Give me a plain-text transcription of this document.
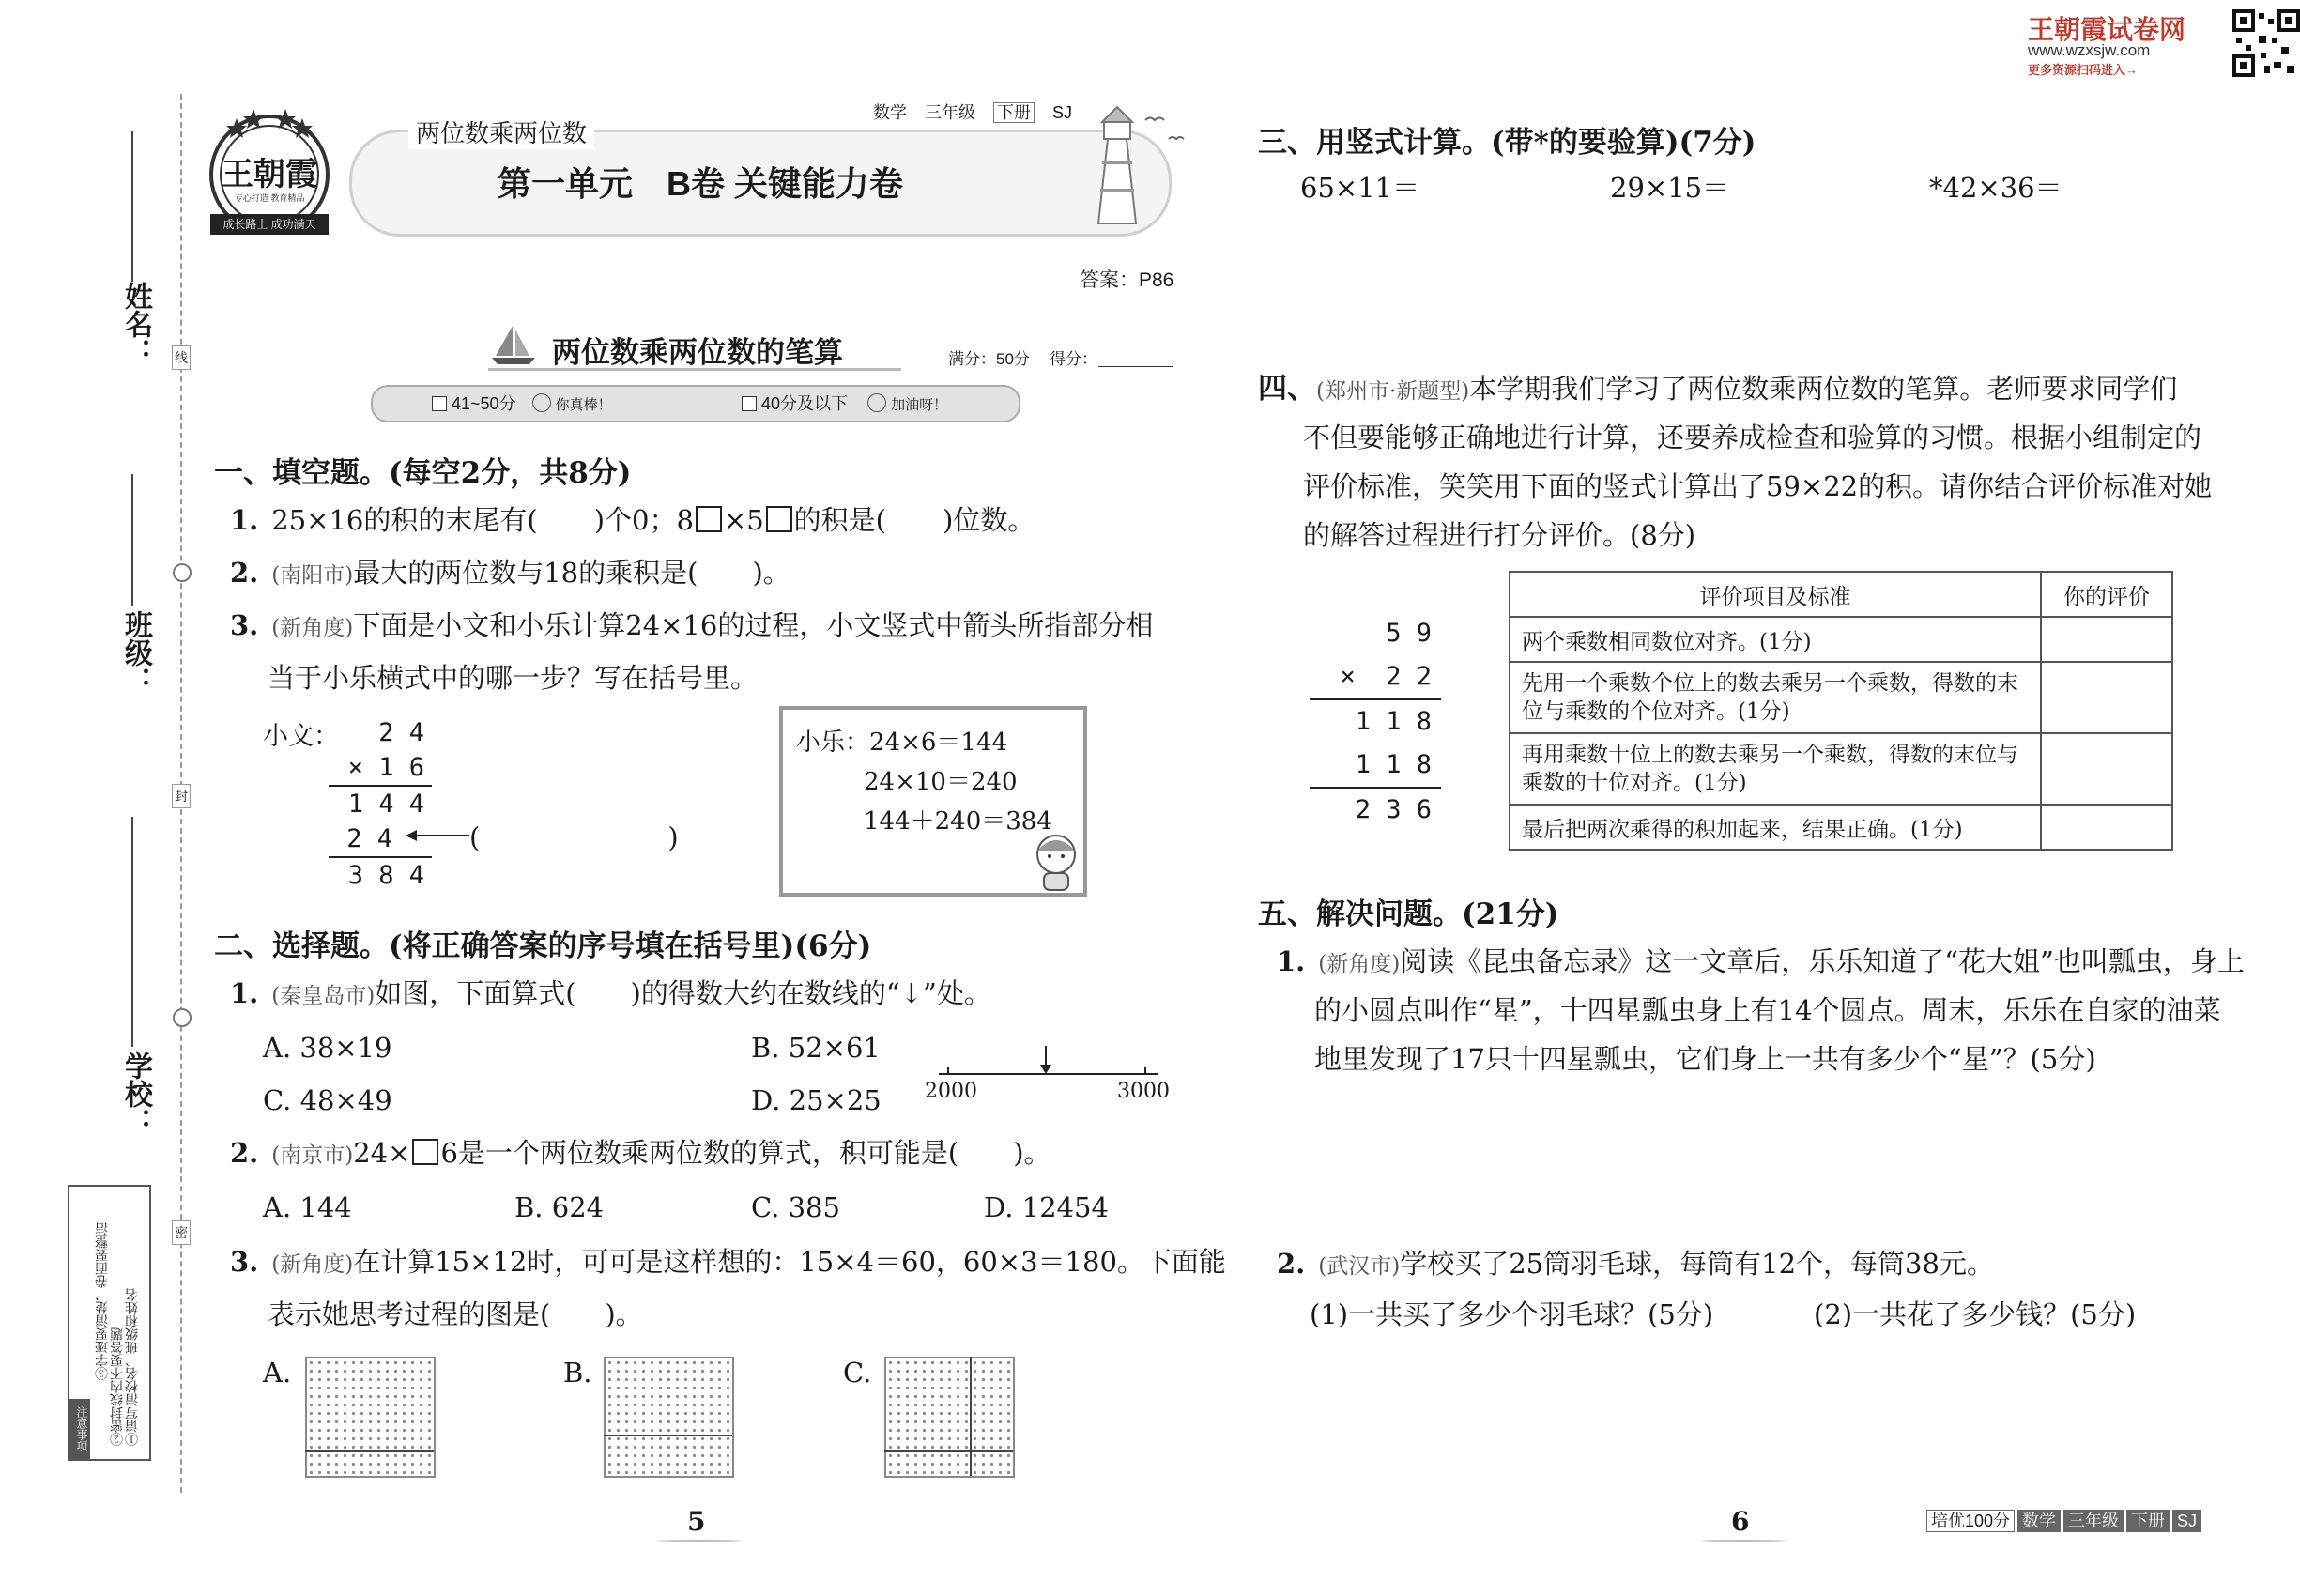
姓名：
班级：
学校：
线
封
密
注意事项	①请写清校名、班级和姓名
②密封线内不要答题
③字迹要清楚，卷面要整洁
王朝霞
专心打造 教育精品
成长路上 成功满天
两位数乘两位数
数学 三年级 下册 SJ
第一单元　B卷 关键能力卷
答案：P86
两位数乘两位数的笔算	满分：50分 得分：
41~50分	你真棒！	40分及以下	加油呀！
一、填空题。(每空2分，共8分)
1. 25×16的积的末尾有( )个0；8 ×5 的积是( )位数。
2. (南阳市)最大的两位数与18的乘积是(　　)。
3. (新角度)下面是小文和小乐计算24×16的过程，小文竖式中箭头所指部分相
当于小乐横式中的哪一步？写在括号里。
小文：	2 4
× 1 6
1 4 4
2 4
3 8 4
(	)
小乐：24×6＝144
24×10＝240
144＋240＝384
二、选择题。(将正确答案的序号填在括号里)(6分)
1. (秦皇岛市)如图，下面算式(　　)的得数大约在数线的“↓”处。
A. 38×19	B. 52×61
C. 48×49	D. 25×25 2000	3000
2. (南京市)24× 6是一个两位数乘两位数的算式，积可能是(　　)。
A. 144	B. 624	C. 385	D. 12454
3. (新角度)在计算15×12时，可可是这样想的：15×4＝60，60×3＝180。下面能
表示她思考过程的图是(　　)。
A.	B.	C.
5
王朝霞试卷网
www.wzxsjw.com
更多资源扫码进入→
三、用竖式计算。(带*的要验算)(7分)
65×11＝	29×15＝	*42×36＝
四、(郑州市·新题型)本学期我们学习了两位数乘两位数的笔算。老师要求同学们
不但要能够正确地进行计算，还要养成检查和验算的习惯。根据小组制定的
评价标准，笑笑用下面的竖式计算出了59×22的积。请你结合评价标准对她
的解答过程进行打分评价。(8分)
5 9
×  2 2
1 1 8
1 1 8
2 3 6
评价项目及标准	你的评价
两个乘数相同数位对齐。(1分)	
先用一个乘数个位上的数去乘另一个乘数，得数的末位与乘数的个位对齐。(1分)	
再用乘数十位上的数去乘另一个乘数，得数的末位与乘数的十位对齐。(1分)	
最后把两次乘得的积加起来，结果正确。(1分)	
五、解决问题。(21分)
1. (新角度)阅读《昆虫备忘录》这一文章后，乐乐知道了“花大姐”也叫瓢虫，身上
的小圆点叫作“星”，十四星瓢虫身上有14个圆点。周末，乐乐在自家的油菜
地里发现了17只十四星瓢虫，它们身上一共有多少个“星”？(5分)
2. (武汉市)学校买了25筒羽毛球，每筒有12个，每筒38元。
(1)一共买了多少个羽毛球？(5分)	(2)一共花了多少钱？(5分)
6	培优100分 数学 三年级 下册 SJ
